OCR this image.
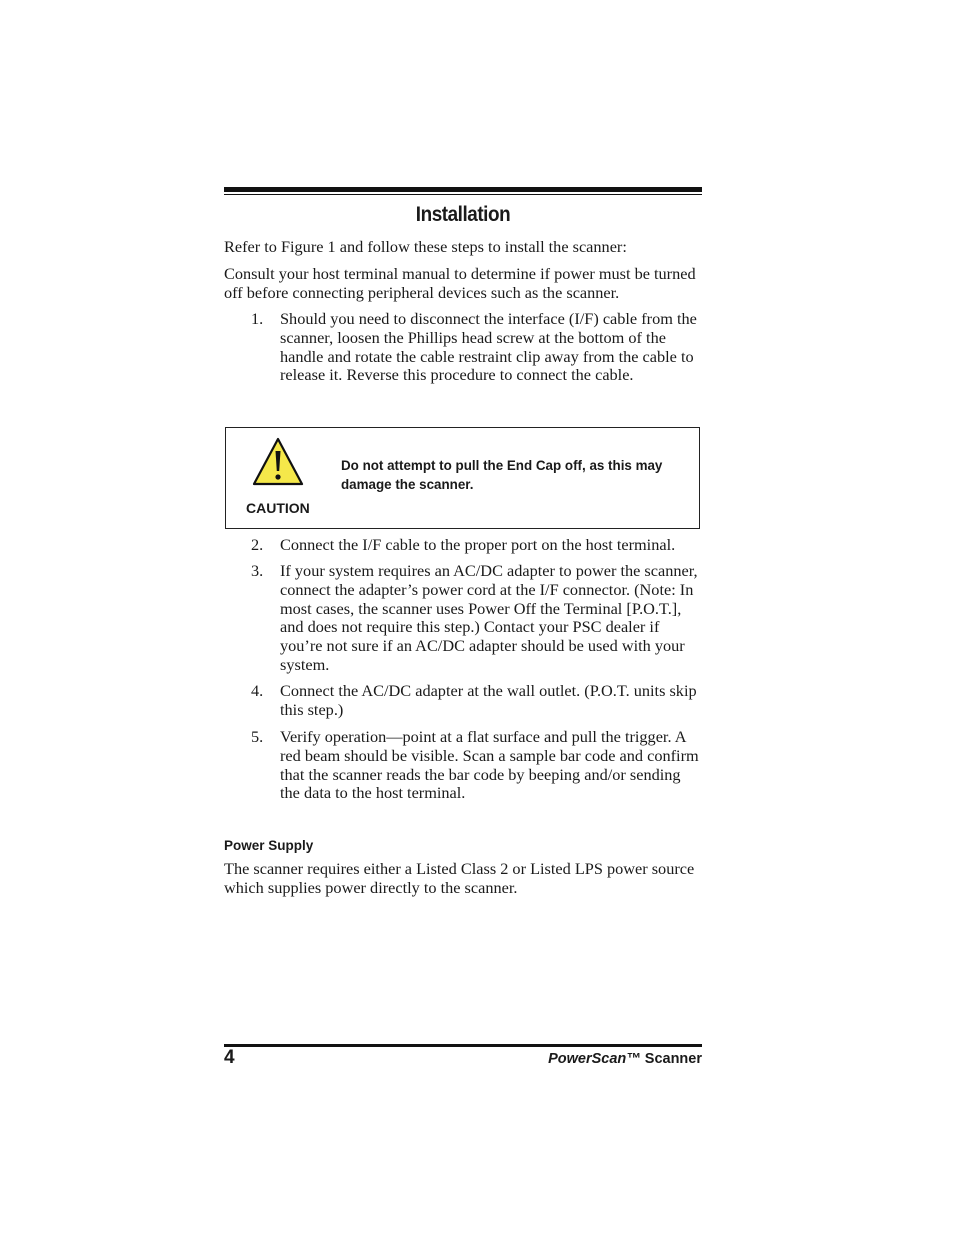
Installation

Refer to Figure 1 and follow these steps to install the scanner:

Consult your host terminal manual to determine if power must be turned off before connecting peripheral devices such as the scanner.

1.	Should you need to disconnect the interface (I/F) cable from the scanner, loosen the Phillips head screw at the bottom of the handle and rotate the cable restraint clip away from the cable to release it. Reverse this procedure to connect the cable.
CAUTION
Do not attempt to pull the End Cap off, as this may damage the scanner.
2.	Connect the I/F cable to the proper port on the host terminal.
3.	If your system requires an AC/DC adapter to power the scanner, connect the adapter’s power cord at the I/F connector. (Note: In most cases, the scanner uses Power Off the Terminal [P.O.T.], and does not require this step.) Contact your PSC dealer if you’re not sure if an AC/DC adapter should be used with your system.
4.	Connect the AC/DC adapter at the wall outlet. (P.O.T. units skip this step.)
5.	Verify operation—point at a flat surface and pull the trigger. A red beam should be visible. Scan a sample bar code and confirm that the scanner reads the bar code by beeping and/or sending the data to the host terminal.
Power Supply

The scanner requires either a Listed Class 2 or Listed LPS power source which supplies power directly to the scanner.

4	PowerScan™ Scanner
